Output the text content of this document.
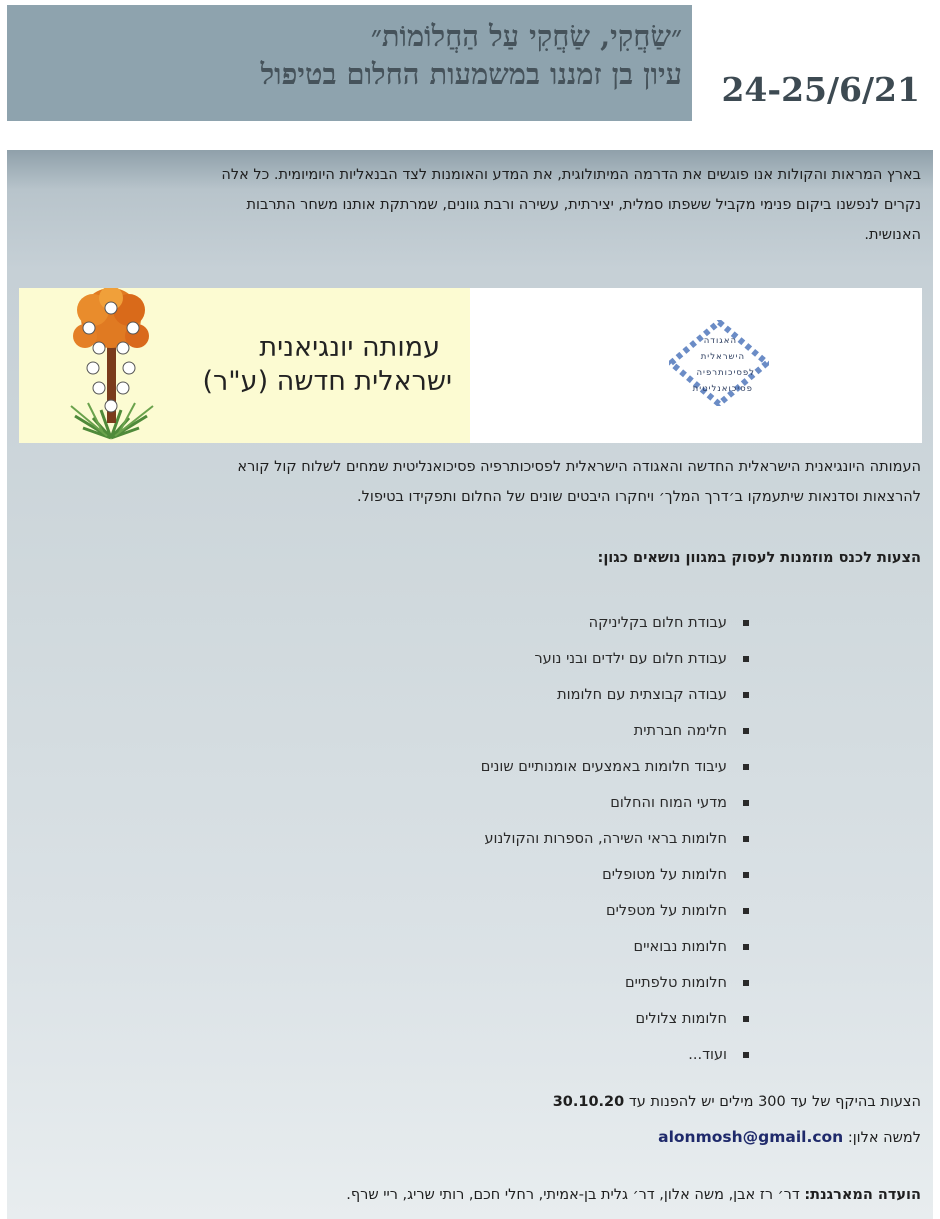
״שַׂחֲקִי, שַׂחֲקִי עַל הַחֲלוֹמוֹת״
עיון בן זמננו במשמעות החלום בטיפול 24-25/6/21

בארץ המראות והקולות אנו פוגשים את הדרמה המיתולוגית, את המדע והאומנות לצד הבנאליות היומיומית. כל אלה

נקרים לנפשנו ביקום פנימי מקביל ששפתו סמלית, יצירתית, עשירה ורבת גוונים, שמרתקת אותנו משחר התרבות

האנושית.

עמותה יונגיאנית
ישראלית חדשה (ע"ר)
האגודה
הישראלית
לפסיכותרפיה
פסיכואנליטית

העמותה היונגיאנית הישראלית החדשה והאגודה הישראלית לפסיכותרפיה פסיכואנליטית שמחים לשלוח קול קורא

להרצאות וסדנאות שיתעמקו ב׳דרך המלך׳ ויחקרו היבטים שונים של החלום ותפקידו בטיפול.

הצעות לכנס מוזמנות לעסוק במגוון נושאים כגון:
עבודת חלום בקליניקה
עבודת חלום עם ילדים ובני נוער
עבודה קבוצתית עם חלומות
חלימה חברתית
עיבוד חלומות באמצעים אומנותיים שונים
מדעי המוח והחלום
חלומות בראי השירה, הספרות והקולנוע
חלומות על מטופלים
חלומות על מטפלים
חלומות נבואיים
חלומות טלפתיים
חלומות צלולים
ועוד...
הצעות בהיקף של עד 300 מילים יש להפנות עד 30.10.20
למשה אלון: alonmosh@gmail.con
הועדה המארגנת: דר׳ רז אבן, משה אלון, דר׳ גלית בן-אמיתי, רחלי חכם, רותי שריג, ריי שרף.
